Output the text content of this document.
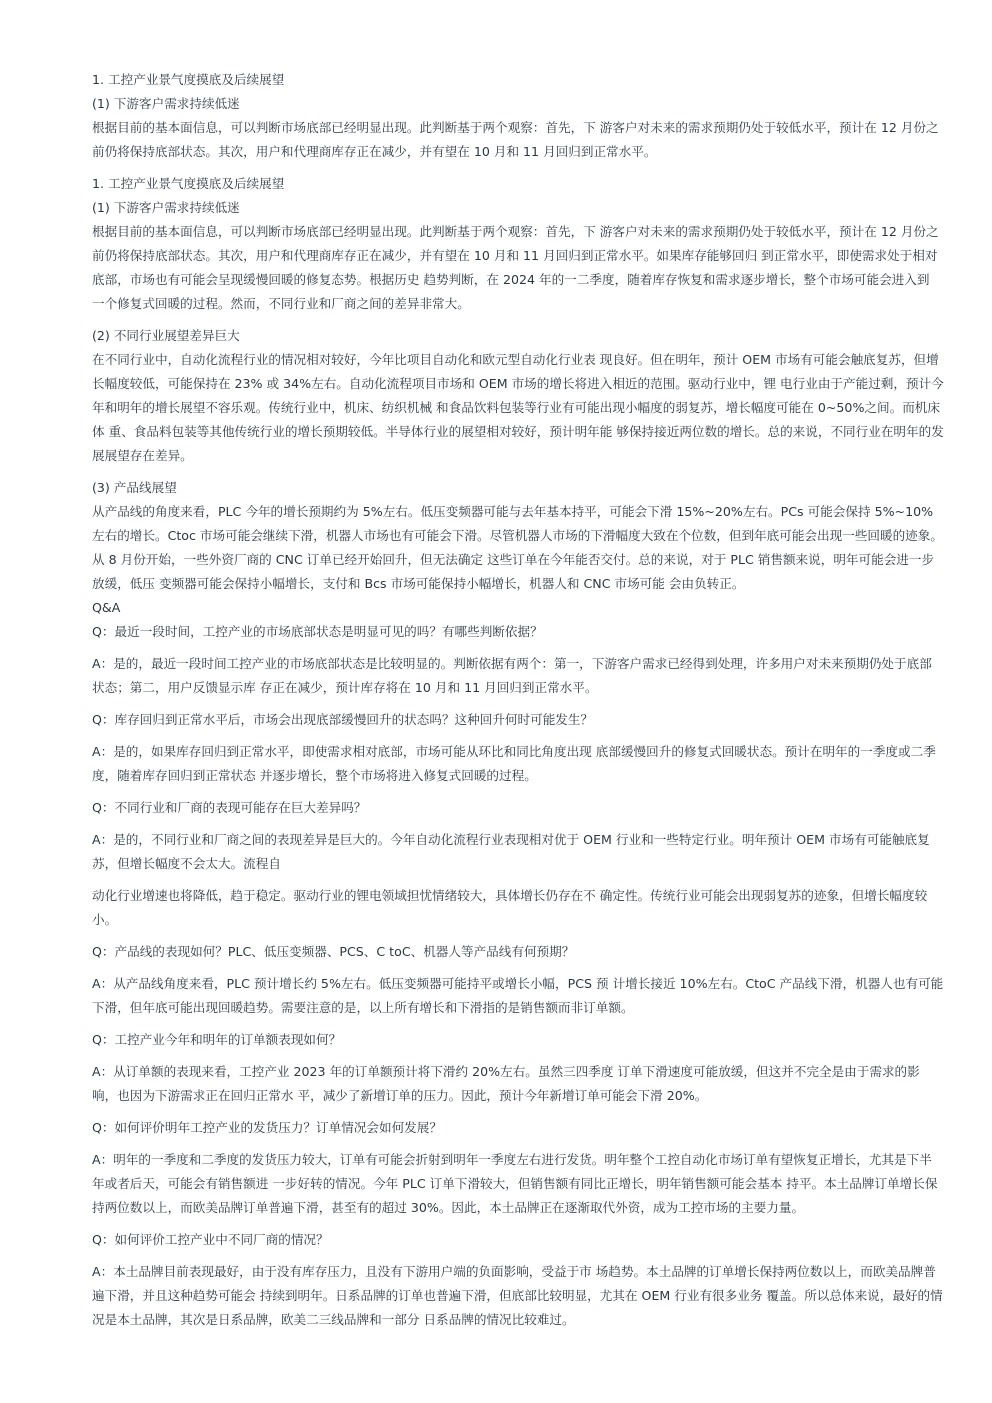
1. 工控产业景气度摸底及后续展望

(1) 下游客户需求持续低迷

根据目前的基本面信息，可以判断市场底部已经明显出现。此判断基于两个观察：首先，下 游客户对未来的需求预期仍处于较低水平，预计在 12 月份之前仍将保持底部状态。其次，用户和代理商库存正在减少，并有望在 10 月和 11 月回归到正常水平。

1. 工控产业景气度摸底及后续展望

(1) 下游客户需求持续低迷

根据目前的基本面信息，可以判断市场底部已经明显出现。此判断基于两个观察：首先，下 游客户对未来的需求预期仍处于较低水平，预计在 12 月份之前仍将保持底部状态。其次，用户和代理商库存正在减少，并有望在 10 月和 11 月回归到正常水平。如果库存能够回归 到正常水平，即使需求处于相对底部，市场也有可能会呈现缓慢回暖的修复态势。根据历史 趋势判断，在 2024 年的一二季度，随着库存恢复和需求逐步增长，整个市场可能会进入到 一个修复式回暖的过程。然而，不同行业和厂商之间的差异非常大。

(2) 不同行业展望差异巨大

在不同行业中，自动化流程行业的情况相对较好，今年比项目自动化和欧元型自动化行业表 现良好。但在明年，预计 OEM 市场有可能会触底复苏，但增长幅度较低，可能保持在 23% 或 34%左右。自动化流程项目市场和 OEM 市场的增长将进入相近的范围。驱动行业中，锂 电行业由于产能过剩，预计今年和明年的增长展望不容乐观。传统行业中，机床、纺织机械 和食品饮料包装等行业有可能出现小幅度的弱复苏，增长幅度可能在 0~50%之间。而机床体 重、食品料包装等其他传统行业的增长预期较低。半导体行业的展望相对较好，预计明年能 够保持接近两位数的增长。总的来说，不同行业在明年的发展展望存在差异。

(3) 产品线展望

从产品线的角度来看，PLC 今年的增长预期约为 5%左右。低压变频器可能与去年基本持平，可能会下滑 15%~20%左右。PCs 可能会保持 5%~10%左右的增长。Ctoc 市场可能会继续下滑，机器人市场也有可能会下滑。尽管机器人市场的下滑幅度大致在个位数，但到年底可能会出现一些回暖的迹象。从 8 月份开始，一些外资厂商的 CNC 订单已经开始回升，但无法确定 这些订单在今年能否交付。总的来说，对于 PLC 销售额来说，明年可能会进一步放缓，低压 变频器可能会保持小幅增长，支付和 Bcs 市场可能保持小幅增长，机器人和 CNC 市场可能 会由负转正。

Q&A

Q：最近一段时间，工控产业的市场底部状态是明显可见的吗？有哪些判断依据？

A：是的，最近一段时间工控产业的市场底部状态是比较明显的。判断依据有两个：第一，下游客户需求已经得到处理，许多用户对未来预期仍处于底部状态；第二，用户反馈显示库 存正在减少，预计库存将在 10 月和 11 月回归到正常水平。

Q：库存回归到正常水平后，市场会出现底部缓慢回升的状态吗？这种回升何时可能发生？

A：是的，如果库存回归到正常水平，即使需求相对底部，市场可能从环比和同比角度出现 底部缓慢回升的修复式回暖状态。预计在明年的一季度或二季度，随着库存回归到正常状态 并逐步增长，整个市场将进入修复式回暖的过程。

Q：不同行业和厂商的表现可能存在巨大差异吗？

A：是的，不同行业和厂商之间的表现差异是巨大的。今年自动化流程行业表现相对优于 OEM 行业和一些特定行业。明年预计 OEM 市场有可能触底复苏，但增长幅度不会太大。流程自

动化行业增速也将降低，趋于稳定。驱动行业的锂电领域担忧情绪较大，具体增长仍存在不 确定性。传统行业可能会出现弱复苏的迹象，但增长幅度较小。

Q：产品线的表现如何？PLC、低压变频器、PCS、C toC、机器人等产品线有何预期？

A：从产品线角度来看，PLC 预计增长约 5%左右。低压变频器可能持平或增长小幅，PCS 预 计增长接近 10%左右。CtoC 产品线下滑，机器人也有可能下滑，但年底可能出现回暖趋势。需要注意的是，以上所有增长和下滑指的是销售额而非订单额。

Q：工控产业今年和明年的订单额表现如何？

A：从订单额的表现来看，工控产业 2023 年的订单额预计将下滑约 20%左右。虽然三四季度 订单下滑速度可能放缓，但这并不完全是由于需求的影响，也因为下游需求正在回归正常水 平，减少了新增订单的压力。因此，预计今年新增订单可能会下滑 20%。

Q：如何评价明年工控产业的发货压力？订单情况会如何发展？

A：明年的一季度和二季度的发货压力较大，订单有可能会折射到明年一季度左右进行发货。明年整个工控自动化市场订单有望恢复正增长，尤其是下半年或者后天，可能会有销售额进 一步好转的情况。今年 PLC 订单下滑较大，但销售额有同比正增长，明年销售额可能会基本 持平。本土品牌订单增长保持两位数以上，而欧美品牌订单普遍下滑，甚至有的超过 30%。因此，本土品牌正在逐渐取代外资，成为工控市场的主要力量。

Q：如何评价工控产业中不同厂商的情况？

A：本土品牌目前表现最好，由于没有库存压力，且没有下游用户端的负面影响，受益于市 场趋势。本土品牌的订单增长保持两位数以上，而欧美品牌普遍下滑，并且这种趋势可能会 持续到明年。日系品牌的订单也普遍下滑，但底部比较明显，尤其在 OEM 行业有很多业务 覆盖。所以总体来说，最好的情况是本土品牌，其次是日系品牌，欧美二三线品牌和一部分 日系品牌的情况比较难过。
